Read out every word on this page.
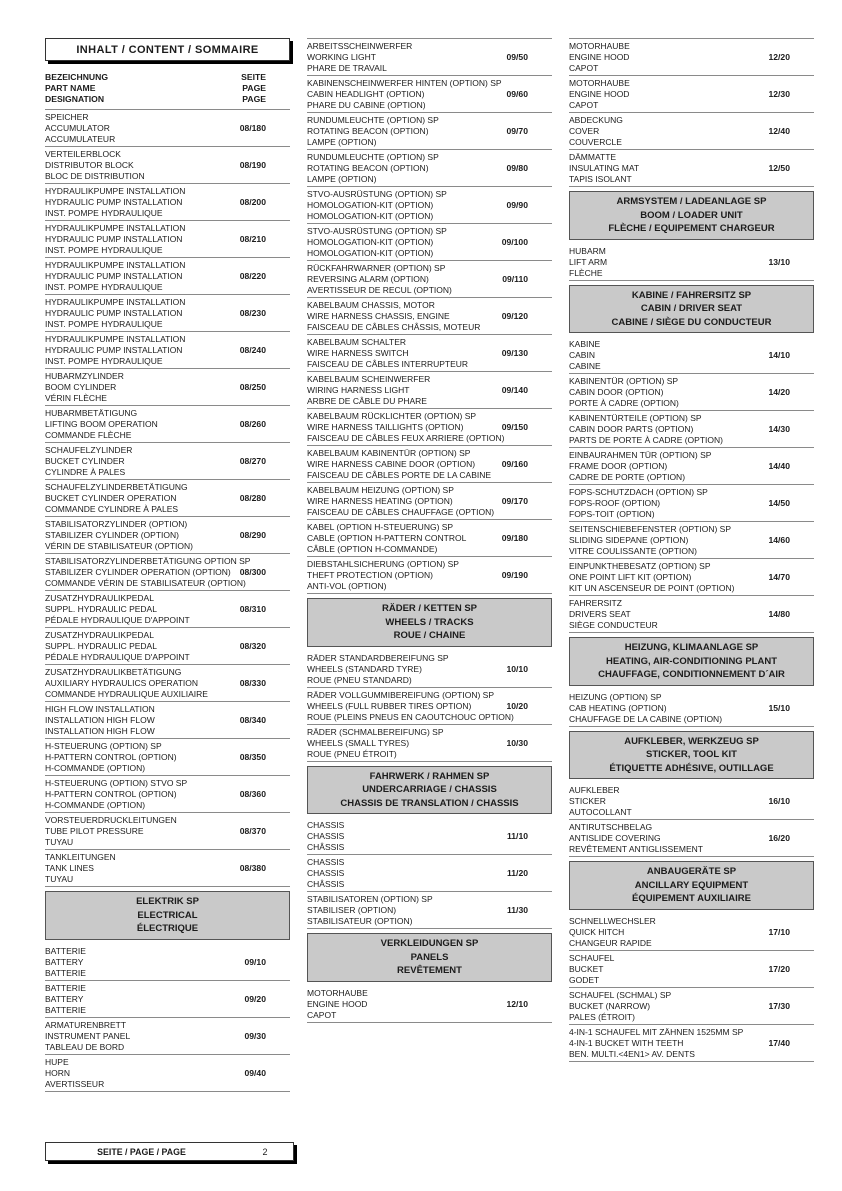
INHALT / CONTENT / SOMMAIRE
BEZEICHNUNG
PART NAME
DESIGNATION
SEITE
PAGE
PAGE
SPEICHER
ACCUMULATOR
ACCUMULATEUR
08/180
VERTEILERBLOCK
DISTRIBUTOR BLOCK
BLOC DE DISTRIBUTION
08/190
HYDRAULIKPUMPE INSTALLATION
HYDRAULIC PUMP INSTALLATION
INST. POMPE HYDRAULIQUE
08/200
HYDRAULIKPUMPE INSTALLATION
HYDRAULIC PUMP INSTALLATION
INST. POMPE HYDRAULIQUE
08/210
HYDRAULIKPUMPE INSTALLATION
HYDRAULIC PUMP INSTALLATION
INST. POMPE HYDRAULIQUE
08/220
HYDRAULIKPUMPE INSTALLATION
HYDRAULIC PUMP INSTALLATION
INST. POMPE HYDRAULIQUE
08/230
HYDRAULIKPUMPE INSTALLATION
HYDRAULIC PUMP INSTALLATION
INST. POMPE HYDRAULIQUE
08/240
HUBARMZYLINDER
BOOM CYLINDER
VÉRIN FLÈCHE
08/250
HUBARMBETÄTIGUNG
LIFTING BOOM OPERATION
COMMANDE FLÈCHE
08/260
SCHAUFELZYLINDER
BUCKET CYLINDER
CYLINDRE À PALES
08/270
SCHAUFELZYLINDERBETÄTIGUNG
BUCKET CYLINDER OPERATION
COMMANDE CYLINDRE À PALES
08/280
STABILISATORZYLINDER (OPTION)
STABILIZER CYLINDER (OPTION)
VÉRIN DE STABILISATEUR (OPTION)
08/290
STABILISATORZYLINDERBETÄTIGUNG OPTION SP
STABILIZER CYLINDER OPERATION (OPTION)
COMMANDE VÉRIN DE STABILISATEUR (OPTION)
08/300
ZUSATZHYDRAULIKPEDAL
SUPPL. HYDRAULIC PEDAL
PÉDALE HYDRAULIQUE D'APPOINT
08/310
ZUSATZHYDRAULIKPEDAL
SUPPL. HYDRAULIC PEDAL
PÉDALE HYDRAULIQUE D'APPOINT
08/320
ZUSATZHYDRAULIKBETÄTIGUNG
AUXILIARY HYDRAULICS OPERATION
COMMANDE HYDRAULIQUE AUXILIAIRE
08/330
HIGH FLOW INSTALLATION
INSTALLATION HIGH FLOW
INSTALLATION HIGH FLOW
08/340
H-STEUERUNG (OPTION) SP
H-PATTERN CONTROL (OPTION)
H-COMMANDE (OPTION)
08/350
H-STEUERUNG (OPTION) STVO SP
H-PATTERN CONTROL (OPTION)
H-COMMANDE (OPTION)
08/360
VORSTEUERDRUCKLEITUNGEN
TUBE PILOT PRESSURE
TUYAU
08/370
TANKLEITUNGEN
TANK LINES
TUYAU
08/380
ELEKTRIK SP
ELECTRICAL
ÉLECTRIQUE
BATTERIE
BATTERY
BATTERIE
09/10
BATTERIE
BATTERY
BATTERIE
09/20
ARMATURENBRETT
INSTRUMENT PANEL
TABLEAU DE BORD
09/30
HUPE
HORN
AVERTISSEUR
09/40
ARBEITSSCHEINWERFER
WORKING LIGHT
PHARE DE TRAVAIL
09/50
KABINENSCHEINWERFER HINTEN (OPTION) SP
CABIN HEADLIGHT (OPTION)
PHARE DU CABINE (OPTION)
09/60
RUNDUMLEUCHTE (OPTION) SP
ROTATING BEACON (OPTION)
LAMPE (OPTION)
09/70
RUNDUMLEUCHTE (OPTION) SP
ROTATING BEACON (OPTION)
LAMPE (OPTION)
09/80
STVO-AUSRÜSTUNG (OPTION) SP
HOMOLOGATION-KIT (OPTION)
HOMOLOGATION-KIT (OPTION)
09/90
STVO-AUSRÜSTUNG (OPTION) SP
HOMOLOGATION-KIT (OPTION)
HOMOLOGATION-KIT (OPTION)
09/100
RÜCKFAHRWARNER (OPTION) SP
REVERSING ALARM (OPTION)
AVERTISSEUR DE RECUL (OPTION)
09/110
KABELBAUM CHASSIS, MOTOR
WIRE HARNESS CHASSIS, ENGINE
FAISCEAU DE CÂBLES CHÂSSIS, MOTEUR
09/120
KABELBAUM SCHALTER
WIRE HARNESS SWITCH
FAISCEAU DE CÂBLES INTERRUPTEUR
09/130
KABELBAUM SCHEINWERFER
WIRING HARNESS LIGHT
ARBRE DE CÂBLE DU PHARE
09/140
KABELBAUM RÜCKLICHTER (OPTION) SP
WIRE HARNESS TAILLIGHTS (OPTION)
FAISCEAU DE CÂBLES FEUX ARRIERE (OPTION)
09/150
KABELBAUM KABINENTÜR (OPTION) SP
WIRE HARNESS CABINE DOOR (OPTION)
FAISCEAU DE CÂBLES PORTE DE LA CABINE
09/160
KABELBAUM HEIZUNG (OPTION) SP
WIRE HARNESS HEATING (OPTION)
FAISCEAU DE CÂBLES CHAUFFAGE (OPTION)
09/170
KABEL (OPTION H-STEUERUNG) SP
CABLE (OPTION H-PATTERN CONTROL
CÂBLE (OPTION H-COMMANDE)
09/180
DIEBSTAHLSICHERUNG (OPTION) SP
THEFT PROTECTION (OPTION)
ANTI-VOL (OPTION)
09/190
RÄDER / KETTEN SP
WHEELS / TRACKS
ROUE / CHAINE
RÄDER STANDARDBEREIFUNG SP
WHEELS (STANDARD TYRE)
ROUE (PNEU STANDARD)
10/10
RÄDER VOLLGUMMIBEREIFUNG (OPTION) SP
WHEELS (FULL RUBBER TIRES OPTION)
ROUE (PLEINS PNEUS EN CAOUTCHOUC OPTION)
10/20
RÄDER (SCHMALBEREIFUNG) SP
WHEELS (SMALL TYRES)
ROUE (PNEU ÉTROIT)
10/30
FAHRWERK / RAHMEN SP
UNDERCARRIAGE / CHASSIS
CHASSIS DE TRANSLATION / CHASSIS
CHASSIS
CHASSIS
CHÂSSIS
11/10
CHASSIS
CHASSIS
CHÂSSIS
11/20
STABILISATOREN (OPTION) SP
STABILISER (OPTION)
STABILISATEUR (OPTION)
11/30
VERKLEIDUNGEN SP
PANELS
REVÊTEMENT
MOTORHAUBE
ENGINE HOOD
CAPOT
12/10
MOTORHAUBE
ENGINE HOOD
CAPOT
12/20
MOTORHAUBE
ENGINE HOOD
CAPOT
12/30
ABDECKUNG
COVER
COUVERCLE
12/40
DÄMMATTE
INSULATING MAT
TAPIS ISOLANT
12/50
ARMSYSTEM / LADEANLAGE SP
BOOM / LOADER UNIT
FLÈCHE / EQUIPEMENT CHARGEUR
HUBARM
LIFT ARM
FLÈCHE
13/10
KABINE / FAHRERSITZ SP
CABIN / DRIVER SEAT
CABINE / SIÈGE DU CONDUCTEUR
KABINE
CABIN
CABINE
14/10
KABINENTÜR (OPTION) SP
CABIN DOOR (OPTION)
PORTE À CADRE (OPTION)
14/20
KABINENTÜRTEILE (OPTION) SP
CABIN DOOR PARTS (OPTION)
PARTS DE PORTE À CADRE (OPTION)
14/30
EINBAURAHMEN TÜR (OPTION) SP
FRAME DOOR (OPTION)
CADRE DE PORTE (OPTION)
14/40
FOPS-SCHUTZDACH (OPTION) SP
FOPS-ROOF (OPTION)
FOPS-TOIT (OPTION)
14/50
SEITENSCHIEBEFENSTER (OPTION) SP
SLIDING SIDEPANE (OPTION)
VITRE COULISSANTE (OPTION)
14/60
EINPUNKTHEBESATZ (OPTION) SP
ONE POINT LIFT KIT (OPTION)
KIT UN ASCENSEUR DE POINT (OPTION)
14/70
FAHRERSITZ
DRIVERS SEAT
SIÈGE CONDUCTEUR
14/80
HEIZUNG, KLIMAANLAGE SP
HEATING, AIR-CONDITIONING PLANT
CHAUFFAGE, CONDITIONNEMENT D´AIR
HEIZUNG (OPTION) SP
CAB HEATING (OPTION)
CHAUFFAGE DE LA CABINE (OPTION)
15/10
AUFKLEBER, WERKZEUG SP
STICKER, TOOL KIT
ÉTIQUETTE ADHÉSIVE, OUTILLAGE
AUFKLEBER
STICKER
AUTOCOLLANT
16/10
ANTIRUTSCHBELAG
ANTISLIDE COVERING
REVÊTEMENT ANTIGLISSEMENT
16/20
ANBAUGERÄTE SP
ANCILLARY EQUIPMENT
ÉQUIPEMENT AUXILIAIRE
SCHNELLWECHSLER
QUICK HITCH
CHANGEUR RAPIDE
17/10
SCHAUFEL
BUCKET
GODET
17/20
SCHAUFEL (SCHMAL) SP
BUCKET (NARROW)
PALES (ÉTROIT)
17/30
4-IN-1 SCHAUFEL MIT ZÄHNEN 1525MM SP
4-IN-1 BUCKET WITH TEETH
BEN. MULTI.<4EN1> AV. DENTS
17/40
SEITE / PAGE / PAGE	2
